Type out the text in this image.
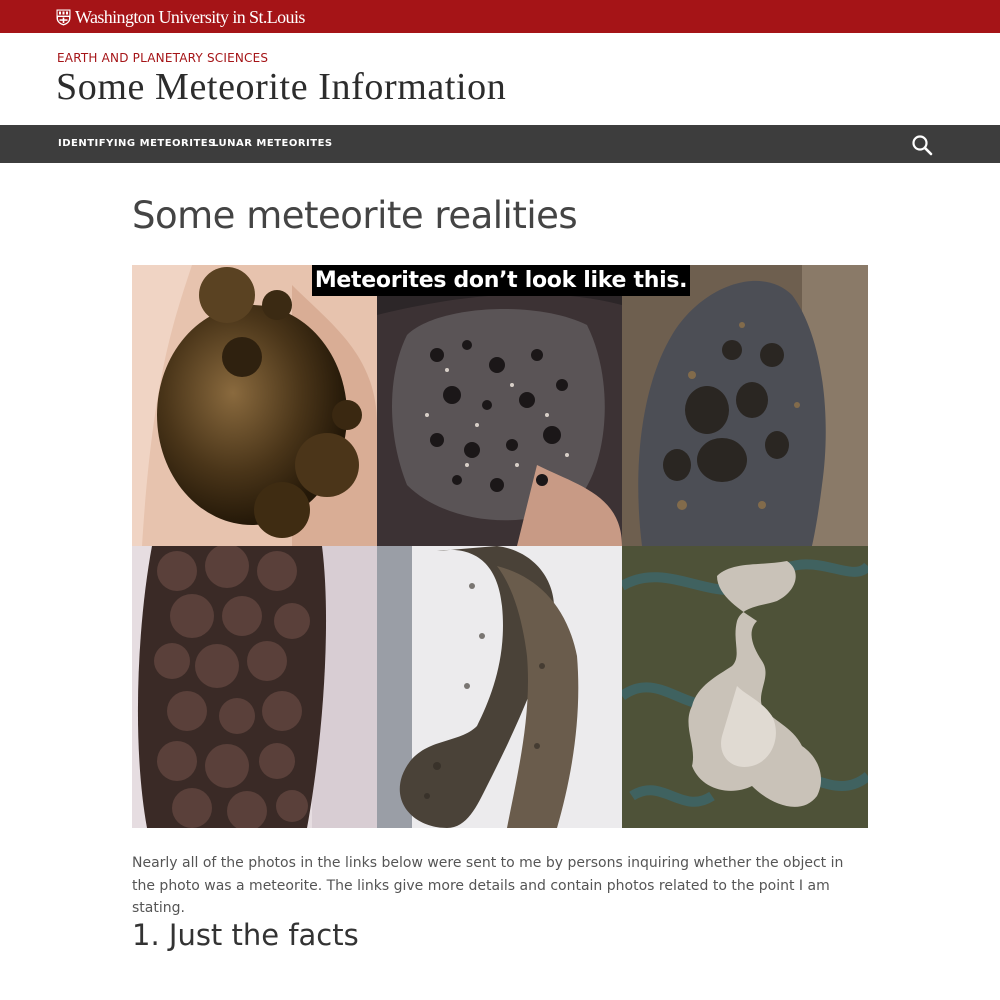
Washington University in St.Louis
EARTH AND PLANETARY SCIENCES
Some Meteorite Information
IDENTIFYING METEORITES
LUNAR METEORITES
Some meteorite realities
Meteorites don’t look like this.

Nearly all of the photos in the links below were sent to me by persons inquiring whether the object in the photo was a meteorite. The links give more details and contain photos related to the point I am stating.

1. Just the facts
